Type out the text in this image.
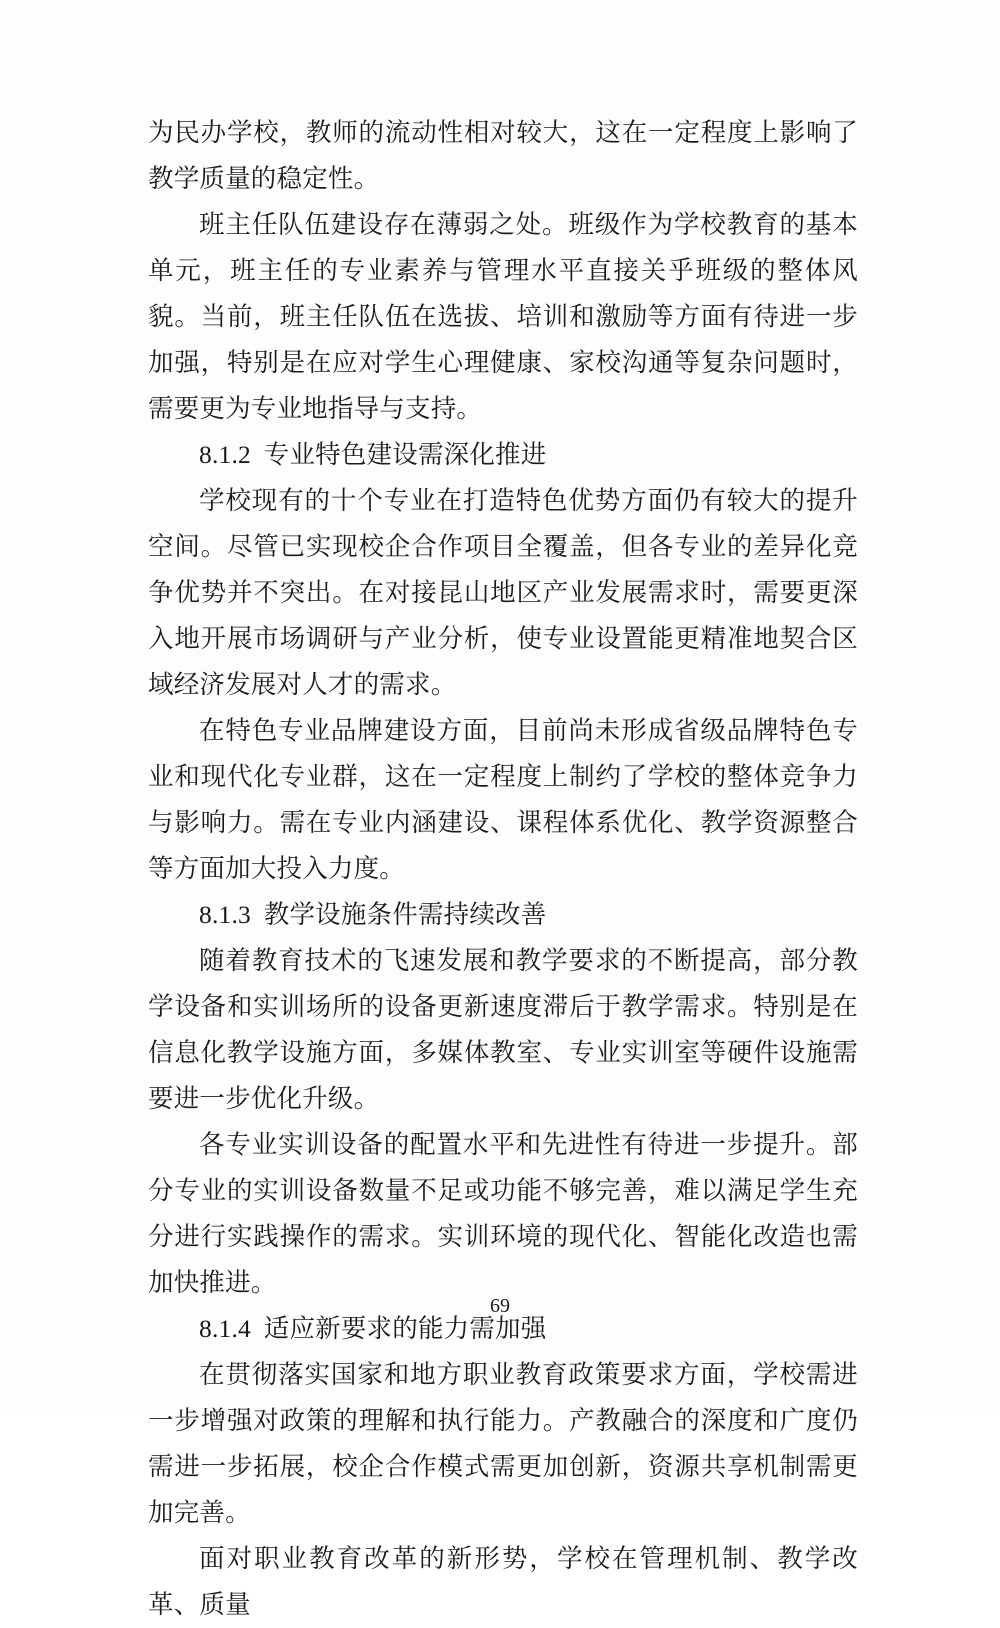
为民办学校，教师的流动性相对较大，这在一定程度上影响了教学质量的稳定性。

班主任队伍建设存在薄弱之处。班级作为学校教育的基本单元，班主任的专业素养与管理水平直接关乎班级的整体风貌。当前，班主任队伍在选拔、培训和激励等方面有待进一步加强，特别是在应对学生心理健康、家校沟通等复杂问题时，需要更为专业地指导与支持。

8.1.2 专业特色建设需深化推进

学校现有的十个专业在打造特色优势方面仍有较大的提升空间。尽管已实现校企合作项目全覆盖，但各专业的差异化竞争优势并不突出。在对接昆山地区产业发展需求时，需要更深入地开展市场调研与产业分析，使专业设置能更精准地契合区域经济发展对人才的需求。

在特色专业品牌建设方面，目前尚未形成省级品牌特色专业和现代化专业群，这在一定程度上制约了学校的整体竞争力与影响力。需在专业内涵建设、课程体系优化、教学资源整合等方面加大投入力度。

8.1.3 教学设施条件需持续改善

随着教育技术的飞速发展和教学要求的不断提高，部分教学设备和实训场所的设备更新速度滞后于教学需求。特别是在信息化教学设施方面，多媒体教室、专业实训室等硬件设施需要进一步优化升级。

各专业实训设备的配置水平和先进性有待进一步提升。部分专业的实训设备数量不足或功能不够完善，难以满足学生充分进行实践操作的需求。实训环境的现代化、智能化改造也需加快推进。

8.1.4 适应新要求的能力需加强

在贯彻落实国家和地方职业教育政策要求方面，学校需进一步增强对政策的理解和执行能力。产教融合的深度和广度仍需进一步拓展，校企合作模式需更加创新，资源共享机制需更加完善。

面对职业教育改革的新形势，学校在管理机制、教学改革、质量

69
